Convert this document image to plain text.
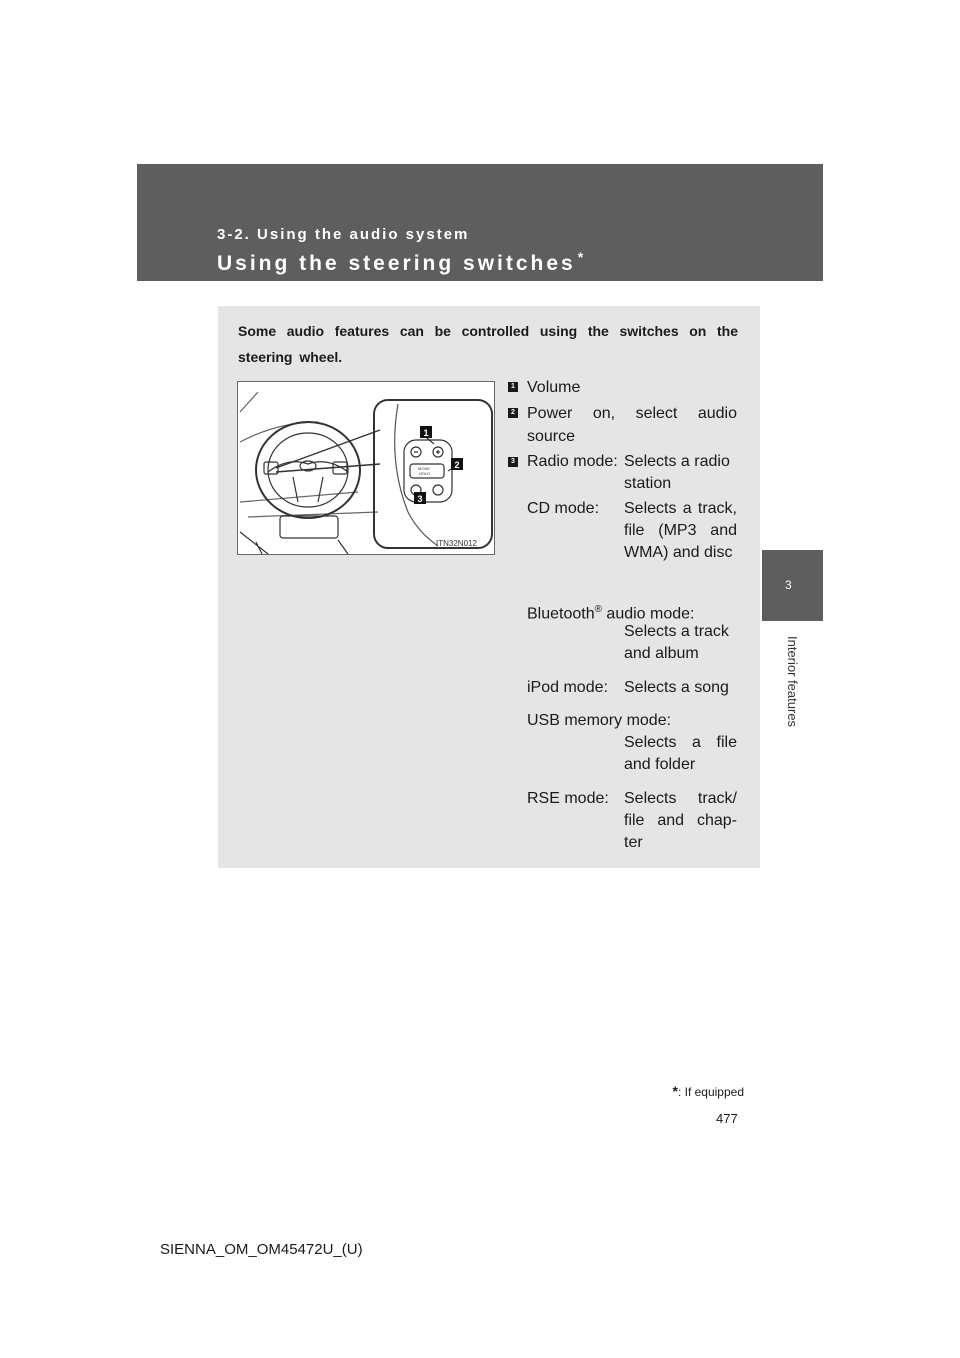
3-2. Using the audio system
Using the steering switches *
3
Interior features
Some audio features can be controlled using the switches on the steering wheel.
MODE
HOLD
1
2
3
ITN32N012
1 Volume
2 Power on, select audio source
3 Radio mode: Selects a radio station
CD mode: Selects a track, file (MP3 and WMA) and disc
Bluetooth® audio mode:
Selects a track and album
iPod mode: Selects a song
USB memory mode:
Selects a file and folder
RSE mode: Selects track/ file and chap- ter
*: If equipped
477
SIENNA_OM_OM45472U_(U)
